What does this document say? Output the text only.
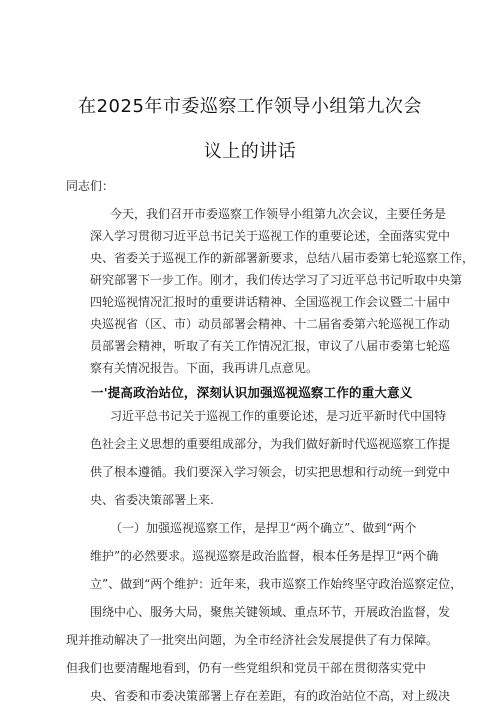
在2025年市委巡察工作领导小组第九次会
议上的讲话
同志们：
今天，我们召开市委巡察工作领导小组第九次会议，主要任务是
深入学习贯彻习近平总书记关于巡视工作的重要论述，全面落实党中
央、省委关于巡视工作的新部署新要求，总结八届市委第七轮巡察工作，
研究部署下一步工作。刚才，我们传达学习了习近平总书记听取中央第
四轮巡视情况汇报时的重要讲话精神、全国巡视工作会议暨二十届中
央巡视省（区、市）动员部署会精神、十二届省委第六轮巡视工作动
员部署会精神，听取了有关工作情况汇报，审议了八届市委第七轮巡
察有关情况报告。下面，我再讲几点意见。
一'提高政治站位，深刻认识加强巡视巡察工作的重大意义
习近平总书记关于巡视工作的重要论述，是习近平新时代中国特
色社会主义思想的重要组成部分，为我们做好新时代巡视巡察工作提
供了根本遵循。我们要深入学习领会，切实把思想和行动统一到党中
央、省委决策部署上来.
（一）加强巡视巡察工作，是捍卫“两个确立”、做到“两个
维护”的必然要求。巡视巡察是政治监督，根本任务是捍卫“两个确
立”、做到“两个维护：近年来，我市巡察工作始终坚守政治巡察定位，
围绕中心、服务大局，聚焦关键领域、重点环节，开展政治监督，发
现并推动解决了一批突出问题，为全市经济社会发展提供了有力保障。
但我们也要清醒地看到，仍有一些党组织和党员干部在贯彻落实党中
央、省委和市委决策部署上存在差距，有的政治站位不高，对上级决
